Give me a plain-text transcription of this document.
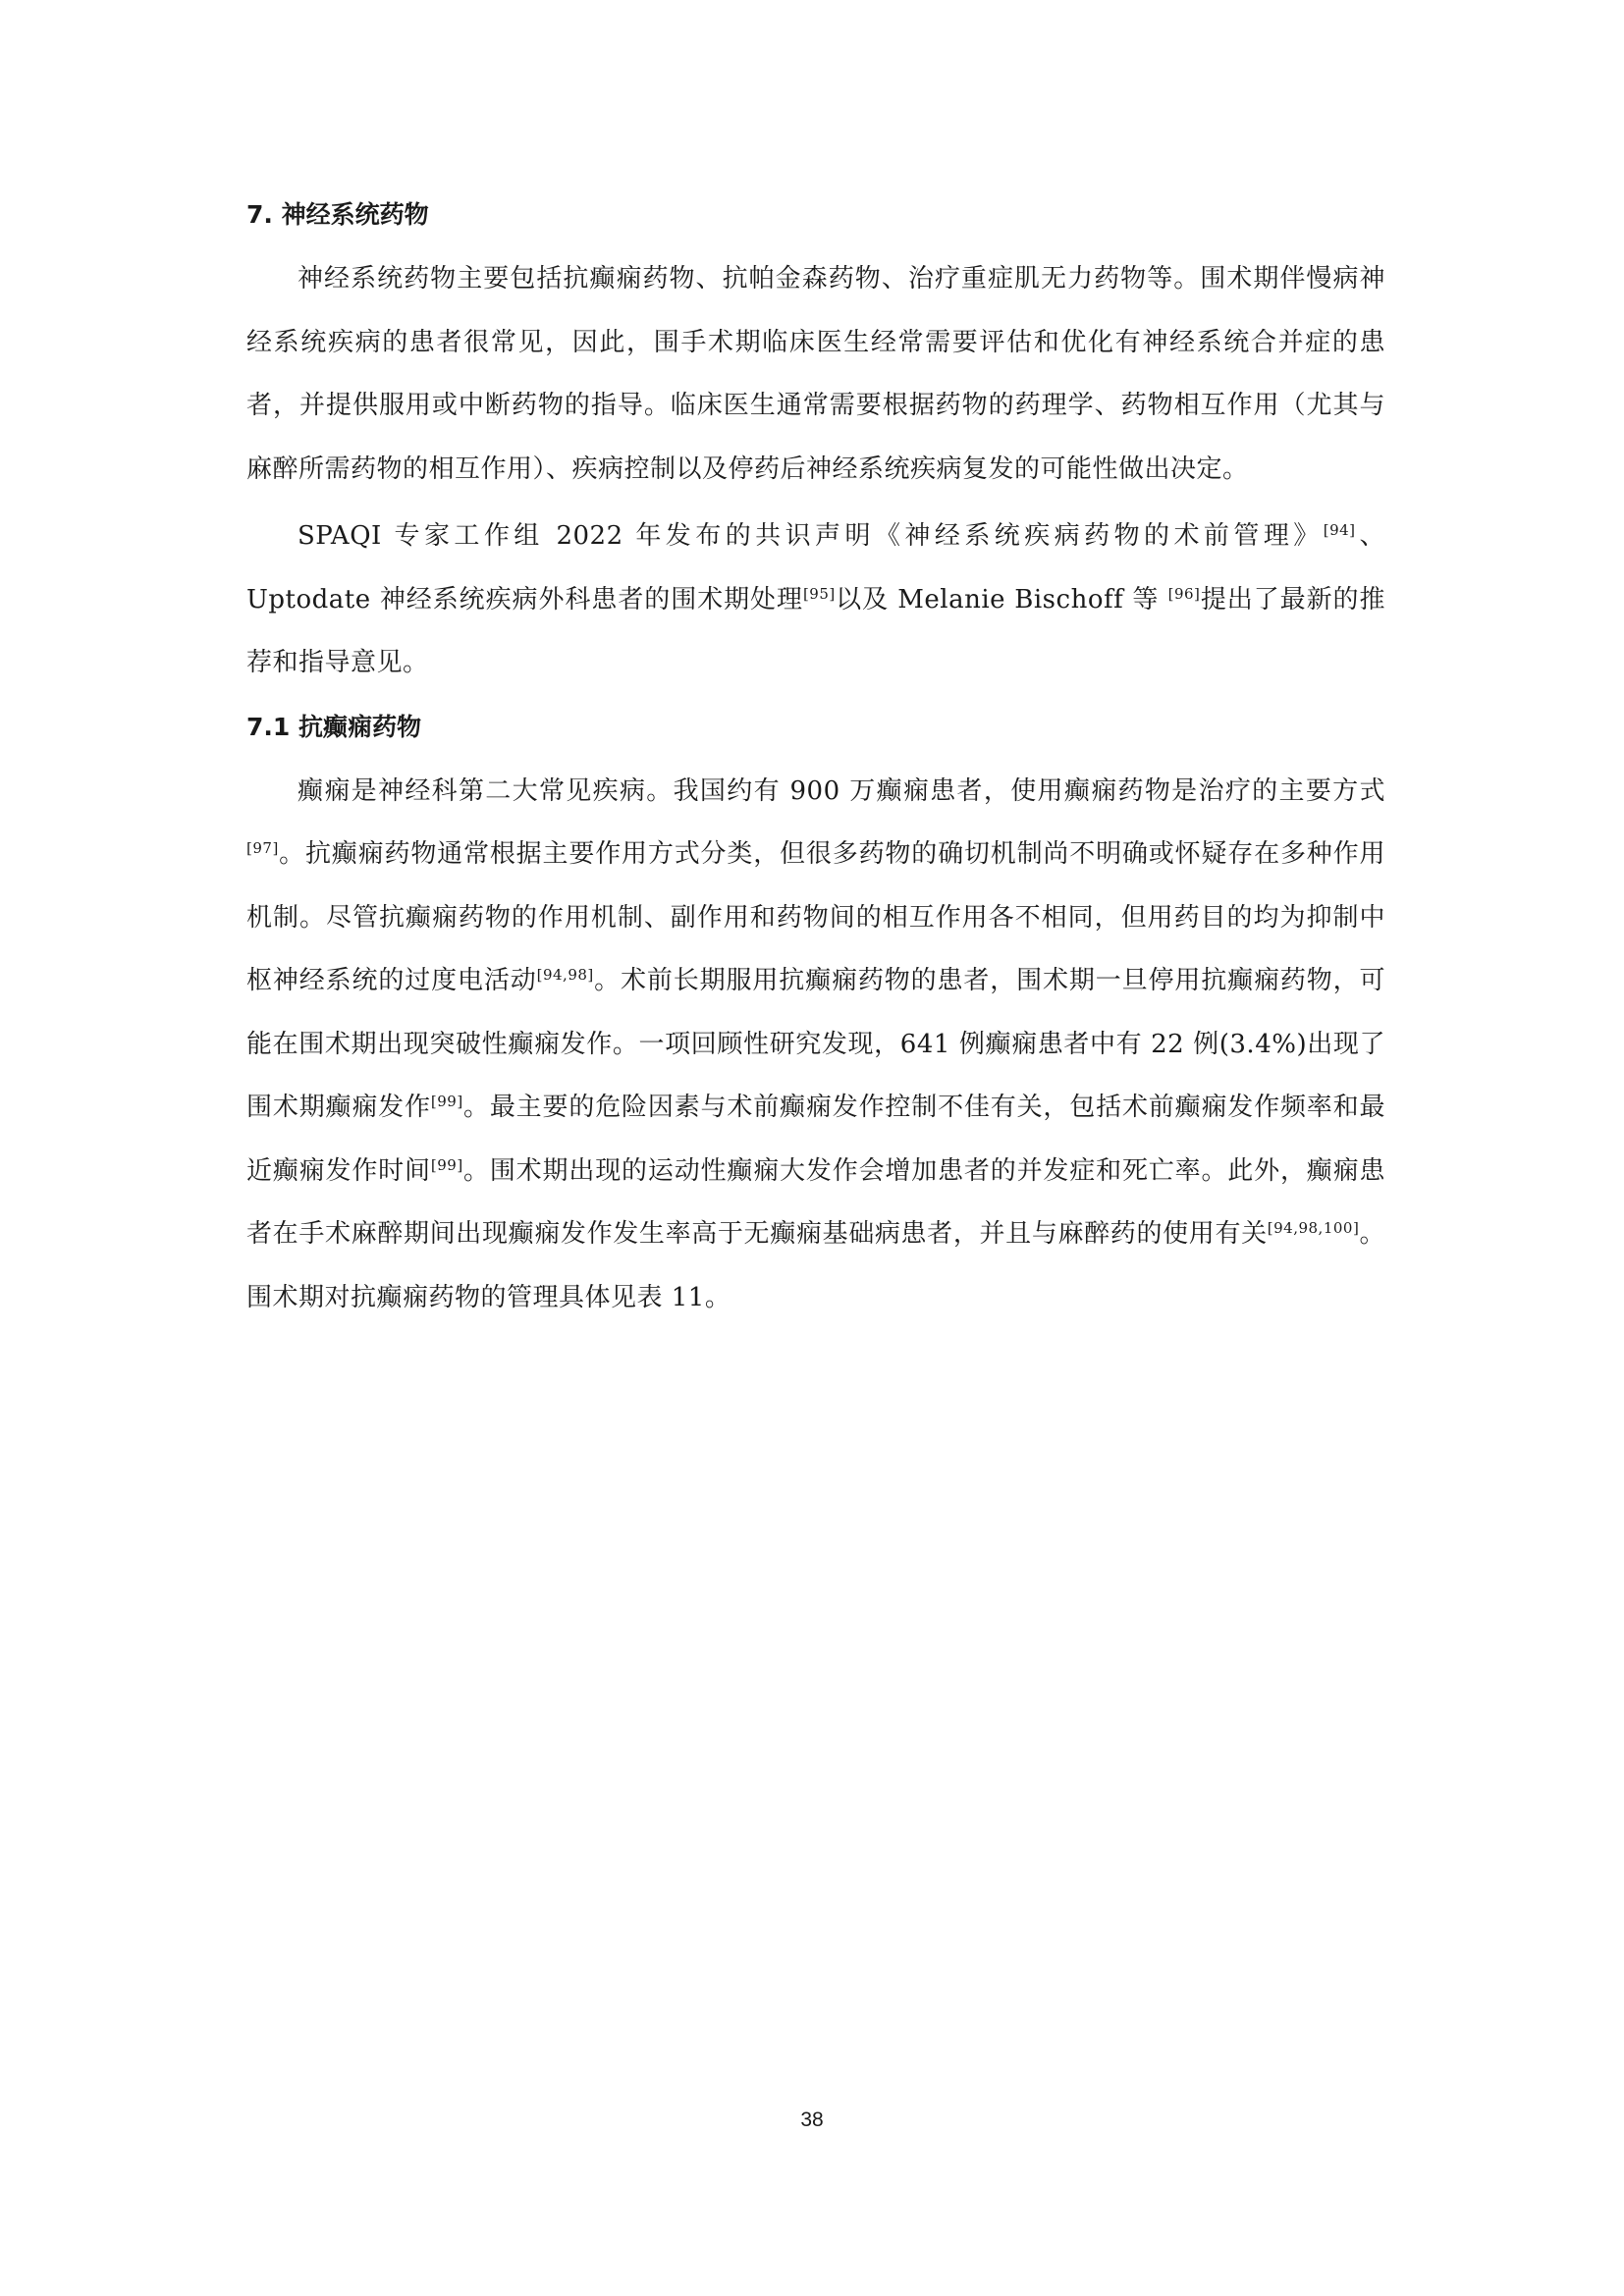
7. 神经系统药物

神经系统药物主要包括抗癫痫药物、抗帕金森药物、治疗重症肌无力药物等。围术期伴慢病神经系统疾病的患者很常见，因此，围手术期临床医生经常需要评估和优化有神经系统合并症的患者，并提供服用或中断药物的指导。临床医生通常需要根据药物的药理学、药物相互作用（尤其与麻醉所需药物的相互作用）、疾病控制以及停药后神经系统疾病复发的可能性做出决定。

SPAQI 专家工作组 2022 年发布的共识声明《神经系统疾病药物的术前管理》[94]、Uptodate 神经系统疾病外科患者的围术期处理[95]以及 Melanie Bischoff 等 [96]提出了最新的推荐和指导意见。

7.1 抗癫痫药物

癫痫是神经科第二大常见疾病。我国约有 900 万癫痫患者，使用癫痫药物是治疗的主要方式[97]。抗癫痫药物通常根据主要作用方式分类，但很多药物的确切机制尚不明确或怀疑存在多种作用机制。尽管抗癫痫药物的作用机制、副作用和药物间的相互作用各不相同，但用药目的均为抑制中枢神经系统的过度电活动[94,98]。术前长期服用抗癫痫药物的患者，围术期一旦停用抗癫痫药物，可能在围术期出现突破性癫痫发作。一项回顾性研究发现，641 例癫痫患者中有 22 例(3.4%)出现了围术期癫痫发作[99]。最主要的危险因素与术前癫痫发作控制不佳有关，包括术前癫痫发作频率和最近癫痫发作时间[99]。围术期出现的运动性癫痫大发作会增加患者的并发症和死亡率。此外，癫痫患者在手术麻醉期间出现癫痫发作发生率高于无癫痫基础病患者，并且与麻醉药的使用有关[94,98,100]。围术期对抗癫痫药物的管理具体见表 11。

38
